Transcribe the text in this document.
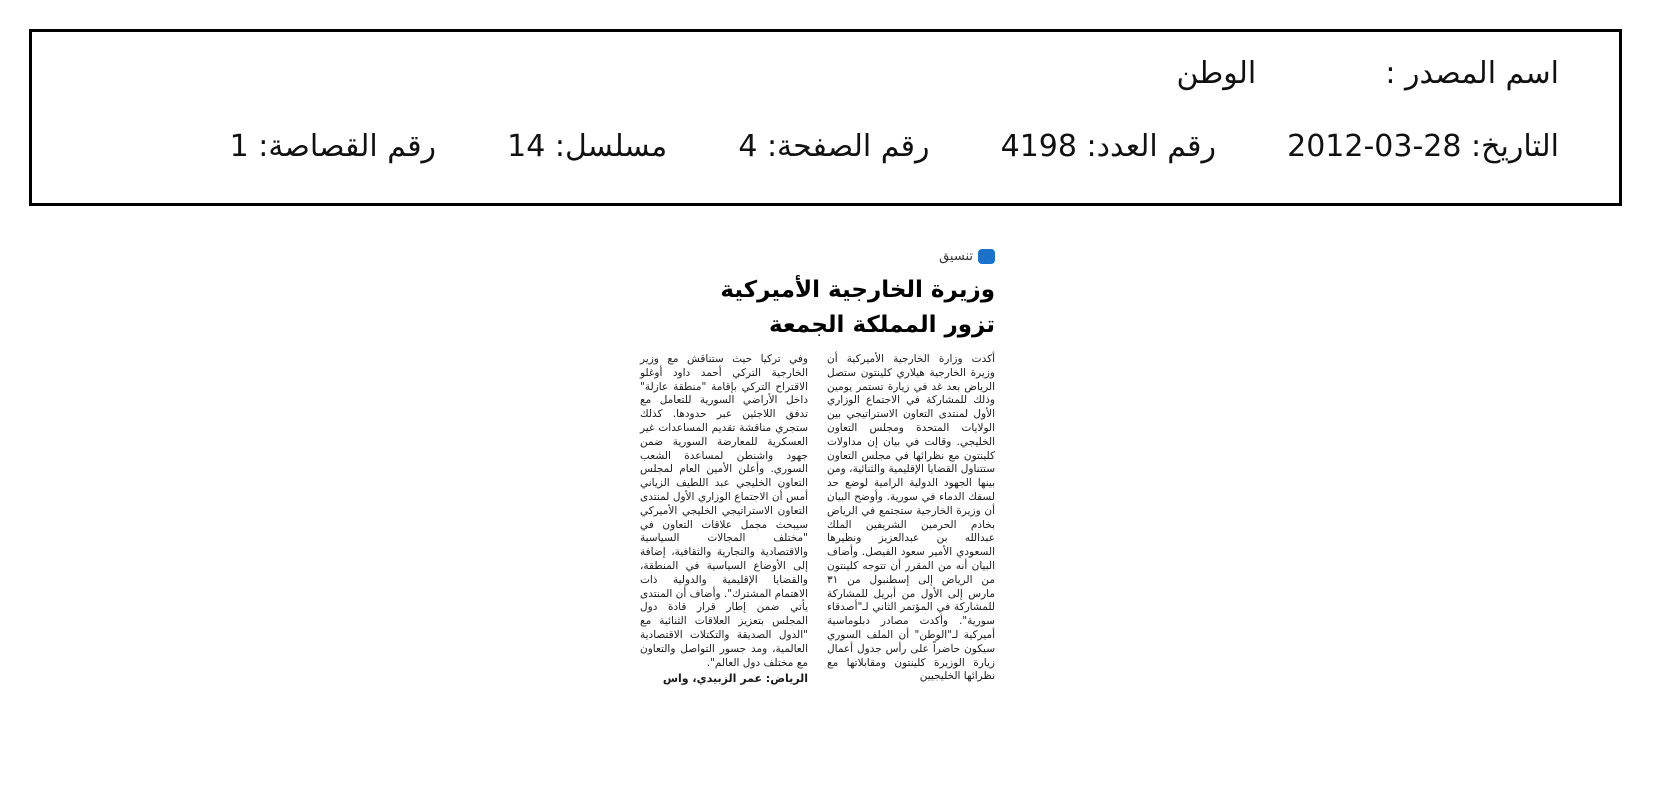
اسم المصدر :  الوطن
التاريخ: 2012-03-28  رقم العدد: 4198  رقم الصفحة: 4  مسلسل: 14  رقم القصاصة: 1
تنسيق
وزيرة الخارجية الأميركية
تزور المملكة الجمعة
أكدت وزارة الخارجية الأميركية أن وزيرة الخارجية هيلاري كلينتون ستصل الرياض بعد غد في زيارة تستمر يومين وذلك للمشاركة في الاجتماع الوزاري الأول لمنتدى التعاون الاستراتيجي بين الولايات المتحدة ومجلس التعاون الخليجي. وقالت في بيان إن مداولات كلينتون مع نظرائها في مجلس التعاون ستتناول القضايا الإقليمية والثنائية، ومن بينها الجهود الدولية الرامية لوضع حد لسفك الدماء في سورية. وأوضح البيان أن وزيرة الخارجية ستجتمع في الرياض بخادم الحرمين الشريفين الملك عبدالله بن عبدالعزيز ونظيرها السعودي الأمير سعود الفيصل. وأضاف البيان أنه من المقرر أن تتوجه كلينتون من الرياض إلى إسطنبول من ٣١ مارس إلى الأول من أبريل للمشاركة للمشاركة في المؤتمر الثاني لـ"أصدقاء سورية". وأكدت مصادر دبلوماسية أميركية لـ"الوطن" أن الملف السوري سيكون حاضراً على رأس جدول أعمال زيارة الوزيرة كلينتون ومقابلاتها مع نظرائها الخليجيين
وفي تركيا حيث ستناقش مع وزير الخارجية التركي أحمد داود أوغلو الاقتراح التركي بإقامة "منطقة عازلة" داخل الأراضي السورية للتعامل مع تدفق اللاجئين عبر حدودها. كذلك ستجري مناقشة تقديم المساعدات غير العسكرية للمعارضة السورية ضمن جهود واشنطن لمساعدة الشعب السوري. وأعلن الأمين العام لمجلس التعاون الخليجي عبد اللطيف الزياني أمس أن الاجتماع الوزاري الأول لمنتدى التعاون الاستراتيجي الخليجي الأميركي سيبحث مجمل علاقات التعاون في "مختلف المجالات السياسية والاقتصادية والتجارية والثقافية، إضافة إلى الأوضاع السياسية في المنطقة، والقضايا الإقليمية والدولية ذات الاهتمام المشترك". وأضاف أن المنتدى يأتي ضمن إطار قرار قادة دول المجلس بتعزيز العلاقات الثنائية مع "الدول الصديقة والتكتلات الاقتصادية العالمية، ومد جسور التواصل والتعاون مع مختلف دول العالم".
الرياض: عمر الزبيدي، واس
